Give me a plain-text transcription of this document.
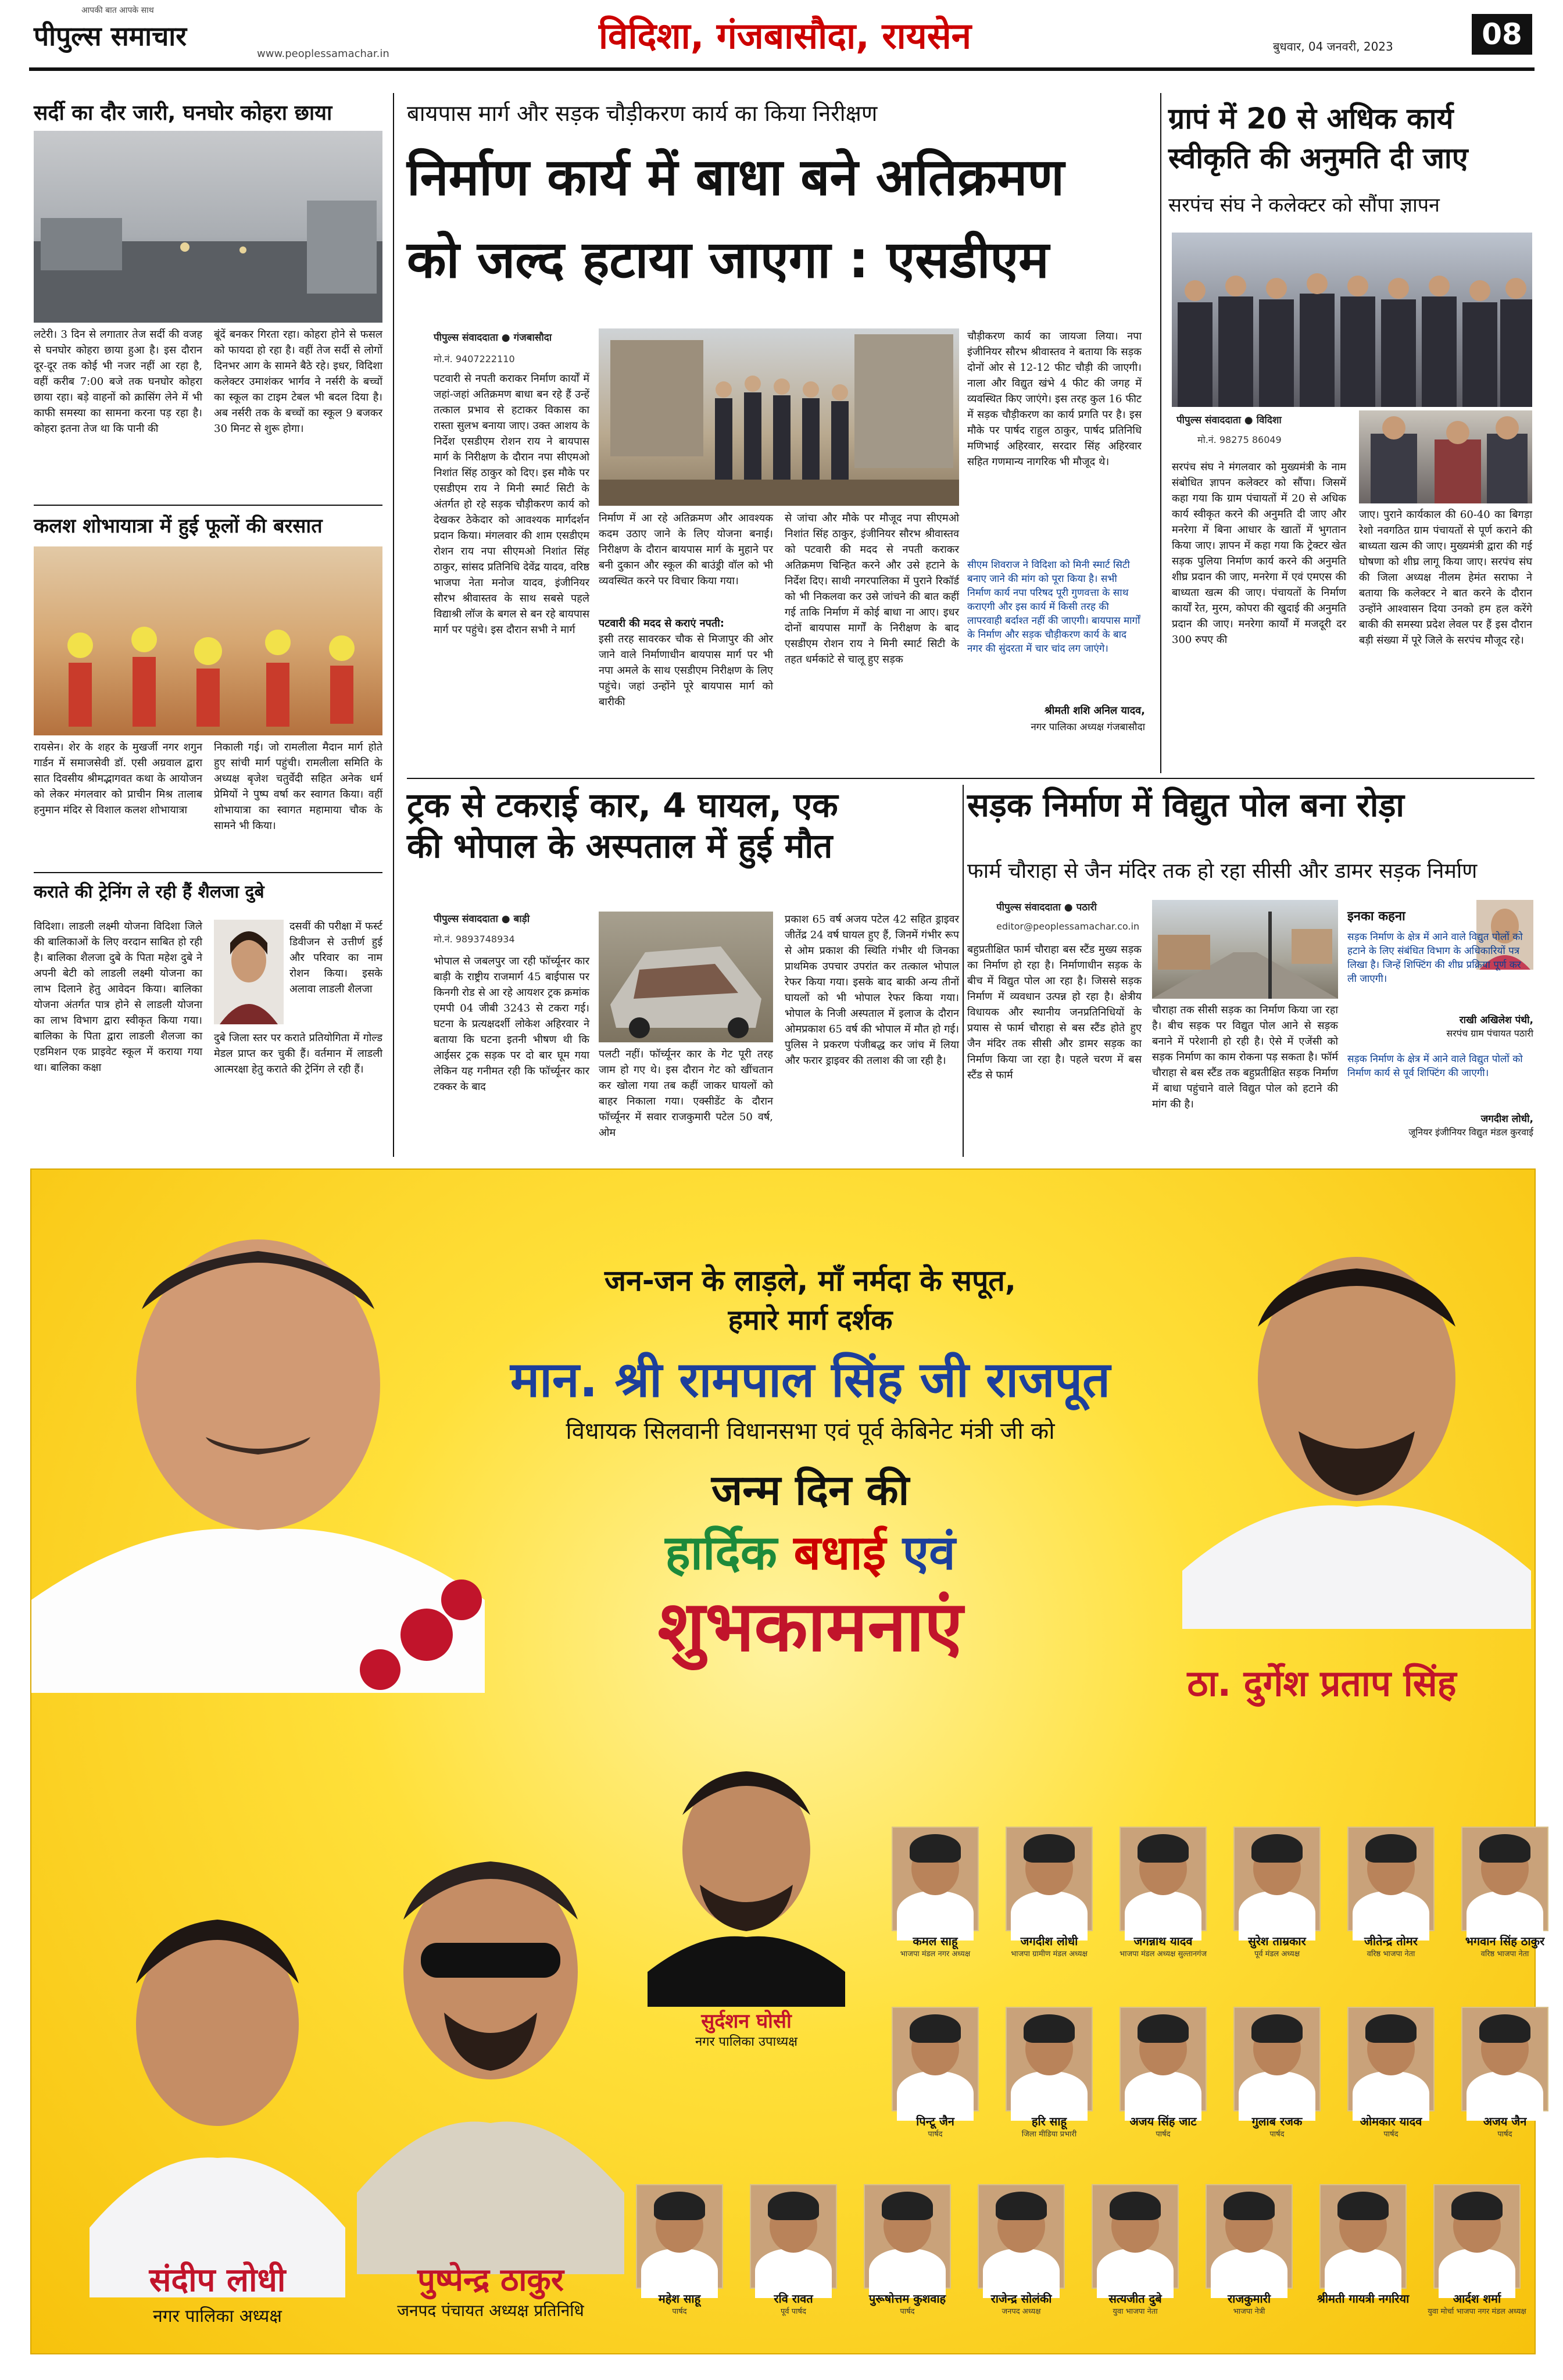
पीपुल्स समाचार
आपकी बात आपके साथ
www.peoplessamachar.in	विदिशा, गंजबासौदा, रायसेन	बुधवार, 04 जनवरी, 2023	08
सर्दी का दौर जारी, घनघोर कोहरा छाया
लटेरी। 3 दिन से लगातार तेज सर्दी की वजह से घनघोर कोहरा छाया हुआ है। इस दौरान दूर-दूर तक कोई भी नजर नहीं आ रहा है, वहीं करीब 7:00 बजे तक घनघोर कोहरा छाया रहा। बड़े वाहनों को क्रासिंग लेने में भी काफी समस्या का सामना करना पड़ रहा है। कोहरा इतना तेज था कि पानी की
बूंदें बनकर गिरता रहा। कोहरा होने से फसल को फायदा हो रहा है। वहीं तेज सर्दी से लोगों दिनभर आग के सामने बैठे रहे। इधर, विदिशा कलेक्टर उमाशंकर भार्गव ने नर्सरी के बच्चों का स्कूल का टाइम टेबल भी बदल दिया है। अब नर्सरी तक के बच्चों का स्कूल 9 बजकर 30 मिनट से शुरू होगा।
कलश शोभायात्रा में हुई फूलों की बरसात
रायसेन। शेर के शहर के मुखर्जी नगर शगुन गार्डन में समाजसेवी डॉ. एसी अग्रवाल द्वारा सात दिवसीय श्रीमद्भागवत कथा के आयोजन को लेकर मंगलवार को प्राचीन मिश्र तालाब हनुमान मंदिर से विशाल कलश शोभायात्रा
निकाली गई। जो रामलीला मैदान मार्ग होते हुए सांची मार्ग पहुंची। रामलीला समिति के अध्यक्ष बृजेश चतुर्वेदी सहित अनेक धर्म प्रेमियों ने पुष्प वर्षा कर स्वागत किया। वहीं शोभायात्रा का स्वागत महामाया चौक के सामने भी किया।
कराते की ट्रेनिंग ले रही हैं शैलजा दुबे
विदिशा। लाडली लक्ष्मी योजना विदिशा जिले की बालिकाओं के लिए वरदान साबित हो रही है। बालिका शैलजा दुबे के पिता महेश दुबे ने अपनी बेटी को लाडली लक्ष्मी योजना का लाभ दिलाने हेतु आवेदन किया। बालिका योजना अंतर्गत पात्र होने से लाडली योजना का लाभ विभाग द्वारा स्वीकृत किया गया। बालिका के पिता द्वारा लाडली शैलजा का एडमिशन एक प्राइवेट स्कूल में कराया गया था। बालिका कक्षा
दसवीं की परीक्षा में फर्स्ट डिवीजन से उत्तीर्ण हुई और परिवार का नाम रोशन किया। इसके अलावा लाडली शैलजा
दुबे जिला स्तर पर कराते प्रतियोगिता में गोल्ड मेडल प्राप्त कर चुकी हैं। वर्तमान में लाडली आत्मरक्षा हेतु कराते की ट्रेनिंग ले रही हैं।
बायपास मार्ग और सड़क चौड़ीकरण कार्य का किया निरीक्षण
निर्माण कार्य में बाधा बने अतिक्रमण
को जल्द हटाया जाएगा : एसडीएम
पीपुल्स संवाददाता ● गंजबासौदा
मो.नं. 9407222110
पटवारी से नपती कराकर निर्माण कार्यों में जहां-जहां अतिक्रमण बाधा बन रहे हैं उन्हें तत्काल प्रभाव से हटाकर विकास का रास्ता सुलभ बनाया जाए। उक्त आशय के निर्देश एसडीएम रोशन राय ने बायपास मार्ग के निरीक्षण के दौरान नपा सीएमओ निशांत सिंह ठाकुर को दिए। इस मौके पर एसडीएम राय ने मिनी स्मार्ट सिटी के अंतर्गत हो रहे सड़क चौड़ीकरण कार्य को देखकर ठेकेदार को आवश्यक मार्गदर्शन प्रदान किया। मंगलवार की शाम एसडीएम रोशन राय नपा सीएमओ निशांत सिंह ठाकुर, सांसद प्रतिनिधि देवेंद्र यादव, वरिष्ठ भाजपा नेता मनोज यादव, इंजीनियर सौरभ श्रीवास्तव के साथ सबसे पहले विद्याश्री लॉज के बगल से बन रहे बायपास मार्ग पर पहुंचे। इस दौरान सभी ने मार्ग
निर्माण में आ रहे अतिक्रमण और आवश्यक कदम उठाए जाने के लिए योजना बनाई। निरीक्षण के दौरान बायपास मार्ग के मुहाने पर बनी दुकान और स्कूल की बाउंड्री वॉल को भी व्यवस्थित करने पर विचार किया गया।
पटवारी की मदद से कराएं नपती:
इसी तरह सावरकर चौक से मिजापुर की ओर जाने वाले निर्माणाधीन बायपास मार्ग पर भी नपा अमले के साथ एसडीएम निरीक्षण के लिए पहुंचे। जहां उन्होंने पूरे बायपास मार्ग को बारीकी
से जांचा और मौके पर मौजूद नपा सीएमओ निशांत सिंह ठाकुर, इंजीनियर सौरभ श्रीवास्तव को पटवारी की मदद से नपती कराकर अतिक्रमण चिन्हित करने और उसे हटाने के निर्देश दिए। साथी नगरपालिका में पुराने रिकॉर्ड को भी निकलवा कर उसे जांचने की बात कहीं गई ताकि निर्माण में कोई बाधा ना आए। इधर दोनों बायपास मार्गों के निरीक्षण के बाद एसडीएम रोशन राय ने मिनी स्मार्ट सिटी के तहत धर्मकांटे से चालू हुए सड़क
चौड़ीकरण कार्य का जायजा लिया। नपा इंजीनियर सौरभ श्रीवास्तव ने बताया कि सड़क दोनों ओर से 12-12 फीट चौड़ी की जाएगी। नाला और विद्युत खंभे 4 फीट की जगह में व्यवस्थित किए जाएंगे। इस तरह कुल 16 फीट में सड़क चौड़ीकरण का कार्य प्रगति पर है। इस मौके पर पार्षद राहुल ठाकुर, पार्षद प्रतिनिधि मणिभाई अहिरवार, सरदार सिंह अहिरवार सहित गणमान्य नागरिक भी मौजूद थे।
सीएम शिवराज ने विदिशा को मिनी स्मार्ट सिटी बनाए जाने की मांग को पूरा किया है। सभी निर्माण कार्य नपा परिषद पूरी गुणवत्ता के साथ कराएगी और इस कार्य में किसी तरह की लापरवाही बर्दाश्त नहीं की जाएगी। बायपास मार्गों के निर्माण और सड़क चौड़ीकरण कार्य के बाद नगर की सुंदरता में चार चांद लग जाएंगे।
श्रीमती शशि अनिल यादव,
नगर पालिका अध्यक्ष गंजबासौदा
ट्रक से टकराई कार, 4 घायल, एक
की भोपाल के अस्पताल में हुई मौत
पीपुल्स संवाददाता ● बाड़ी
मो.नं. 9893748934
भोपाल से जबलपुर जा रही फॉर्च्यूनर कार बाड़ी के राष्ट्रीय राजमार्ग 45 बाईपास पर किनगी रोड से आ रहे आयशर ट्रक क्रमांक एमपी 04 जीबी 3243 से टकरा गई। घटना के प्रत्यक्षदर्शी लोकेश अहिरवार ने बताया कि घटना इतनी भीषण थी कि आईसर ट्रक सड़क पर दो बार घूम गया लेकिन यह गनीमत रही कि फॉर्च्यूनर कार टक्कर के बाद
पलटी नहीं। फॉर्च्यूनर कार के गेट पूरी तरह जाम हो गए थे। इस दौरान गेट को खींचतान कर खोला गया तब कहीं जाकर घायलों को बाहर निकाला गया। एक्सीडेंट के दौरान फॉर्च्यूनर में सवार राजकुमारी पटेल 50 वर्ष, ओम
प्रकाश 65 वर्ष अजय पटेल 42 सहित ड्राइवर जीतेंद्र 24 वर्ष घायल हुए हैं, जिनमें गंभीर रूप से ओम प्रकाश की स्थिति गंभीर थी जिनका प्राथमिक उपचार उपरांत कर तत्काल भोपाल रेफर किया गया। इसके बाद बाकी अन्य तीनों घायलों को भी भोपाल रेफर किया गया। भोपाल के निजी अस्पताल में इलाज के दौरान ओमप्रकाश 65 वर्ष की भोपाल में मौत हो गई। पुलिस ने प्रकरण पंजीबद्ध कर जांच में लिया और फरार ड्राइवर की तलाश की जा रही है।
ग्रापं में 20 से अधिक कार्य
स्वीकृति की अनुमति दी जाए
सरपंच संघ ने कलेक्टर को सौंपा ज्ञापन
पीपुल्स संवाददाता ● विदिशा
मो.नं. 98275 86049
सरपंच संघ ने मंगलवार को मुख्यमंत्री के नाम संबोधित ज्ञापन कलेक्टर को सौंपा। जिसमें कहा गया कि ग्राम पंचायतों में 20 से अधिक कार्य स्वीकृत करने की अनुमति दी जाए और मनरेगा में बिना आधार के खातों में भुगतान किया जाए। ज्ञापन में कहा गया कि ट्रेक्टर खेत सड़क पुलिया निर्माण कार्य करने की अनुमति शीघ्र प्रदान की जाए, मनरेगा में एवं एमएस की बाध्यता खत्म की जाए। पंचायतों के निर्माण कार्यों रेत, मुरम, कोपरा की खुदाई की अनुमति प्रदान की जाए। मनरेगा कार्यों में मजदूरी दर 300 रुपए की
जाए। पुराने कार्यकाल की 60-40 का बिगड़ा रेशो नवगठित ग्राम पंचायतों से पूर्ण कराने की बाध्यता खत्म की जाए। मुख्यमंत्री द्वारा की गई घोषणा को शीघ्र लागू किया जाए। सरपंच संघ की जिला अध्यक्ष नीलम हेमंत सराफा ने बताया कि कलेक्टर ने बात करने के दौरान उन्होंने आश्वासन दिया उनको हम हल करेंगे बाकी की समस्या प्रदेश लेवल पर हैं इस दौरान बड़ी संख्या में पूरे जिले के सरपंच मौजूद रहे।
सड़क निर्माण में विद्युत पोल बना रोड़ा
फार्म चौराहा से जैन मंदिर तक हो रहा सीसी और डामर सड़क निर्माण
पीपुल्स संवाददाता ● पठारी
editor@peoplessamachar.co.in
बहुप्रतीक्षित फार्म चौराहा बस स्टैंड मुख्य सड़क का निर्माण हो रहा है। निर्माणाधीन सड़क के बीच में विद्युत पोल आ रहा है। जिससे सड़क निर्माण में व्यवधान उत्पन्न हो रहा है। क्षेत्रीय विधायक और स्थानीय जनप्रतिनिधियों के प्रयास से फार्म चौराहा से बस स्टैंड होते हुए जैन मंदिर तक सीसी और डामर सड़क का निर्माण किया जा रहा है। पहले चरण में बस स्टैंड से फार्म
चौराहा तक सीसी सड़क का निर्माण किया जा रहा है। बीच सड़क पर विद्युत पोल आने से सड़क बनाने में परेशानी हो रही है। ऐसे में एजेंसी को सड़क निर्माण का काम रोकना पड़ सकता है। फॉर्म चौराहा से बस स्टैंड तक बहुप्रतीक्षित सड़क निर्माण में बाधा पहुंचाने वाले विद्युत पोल को हटाने की मांग की है।
इनका कहना
सड़क निर्माण के क्षेत्र में आने वाले विद्युत पोलों को हटाने के लिए संबंधित विभाग के अधिकारियों पत्र लिखा है। जिन्हें शिफ्टिंग की शीघ्र प्रक्रिया पूर्ण कर ली जाएगी।
राखी अखिलेश पंथी,
सरपंच ग्राम पंचायत पठारी
सड़क निर्माण के क्षेत्र में आने वाले विद्युत पोलों को निर्माण कार्य से पूर्व शिफ्टिंग की जाएगी।
जगदीश लोधी,
जूनियर इंजीनियर विद्युत मंडल कुरवाई
जन-जन के लाड़ले, माँ नर्मदा के सपूत,
हमारे मार्ग दर्शक
मान. श्री रामपाल सिंह जी राजपूत
विधायक सिलवानी विधानसभा एवं पूर्व केबिनेट मंत्री जी को
जन्म दिन की
हार्दिक बधाई एवं
शुभकामनाएं
ठा. दुर्गेश प्रताप सिंह
सुर्दशन घोसी
नगर पालिका उपाध्यक्ष
संदीप लोधी
नगर पालिका अध्यक्ष
पुष्पेन्द्र ठाकुर
जनपद पंचायत अध्यक्ष प्रतिनिधि
कमल साहू
भाजपा मंडल नगर अध्यक्ष
जगदीश लोधी
भाजपा ग्रामीण मंडल अध्यक्ष
जगन्नाथ यादव
भाजपा मंडल अध्यक्ष सुल्तानगंज
सुरेश ताम्रकार
पूर्व मंडल अध्यक्ष
जीतेन्द्र तोमर
वरिष्ठ भाजपा नेता
भगवान सिंह ठाकुर
वरिष्ठ भाजपा नेता
पिन्टू जैन
पार्षद
हरि साहू
जिला मीडिया प्रभारी
अजय सिंह जाट
पार्षद
गुलाब रजक
पार्षद
ओमकार यादव
पार्षद
अजय जैन
पार्षद
महेश साहू
पार्षद
रवि रावत
पूर्व पार्षद
पुरूषोत्तम कुशवाह
पार्षद
राजेन्द्र सोलंकी
जनपद अध्यक्ष
सत्यजीत दुबे
युवा भाजपा नेता
राजकुमारी
भाजपा नेत्री
श्रीमती गायत्री नगरिया	आर्दश शर्मा
युवा मोर्चा भाजपा नगर मंडल अध्यक्ष
